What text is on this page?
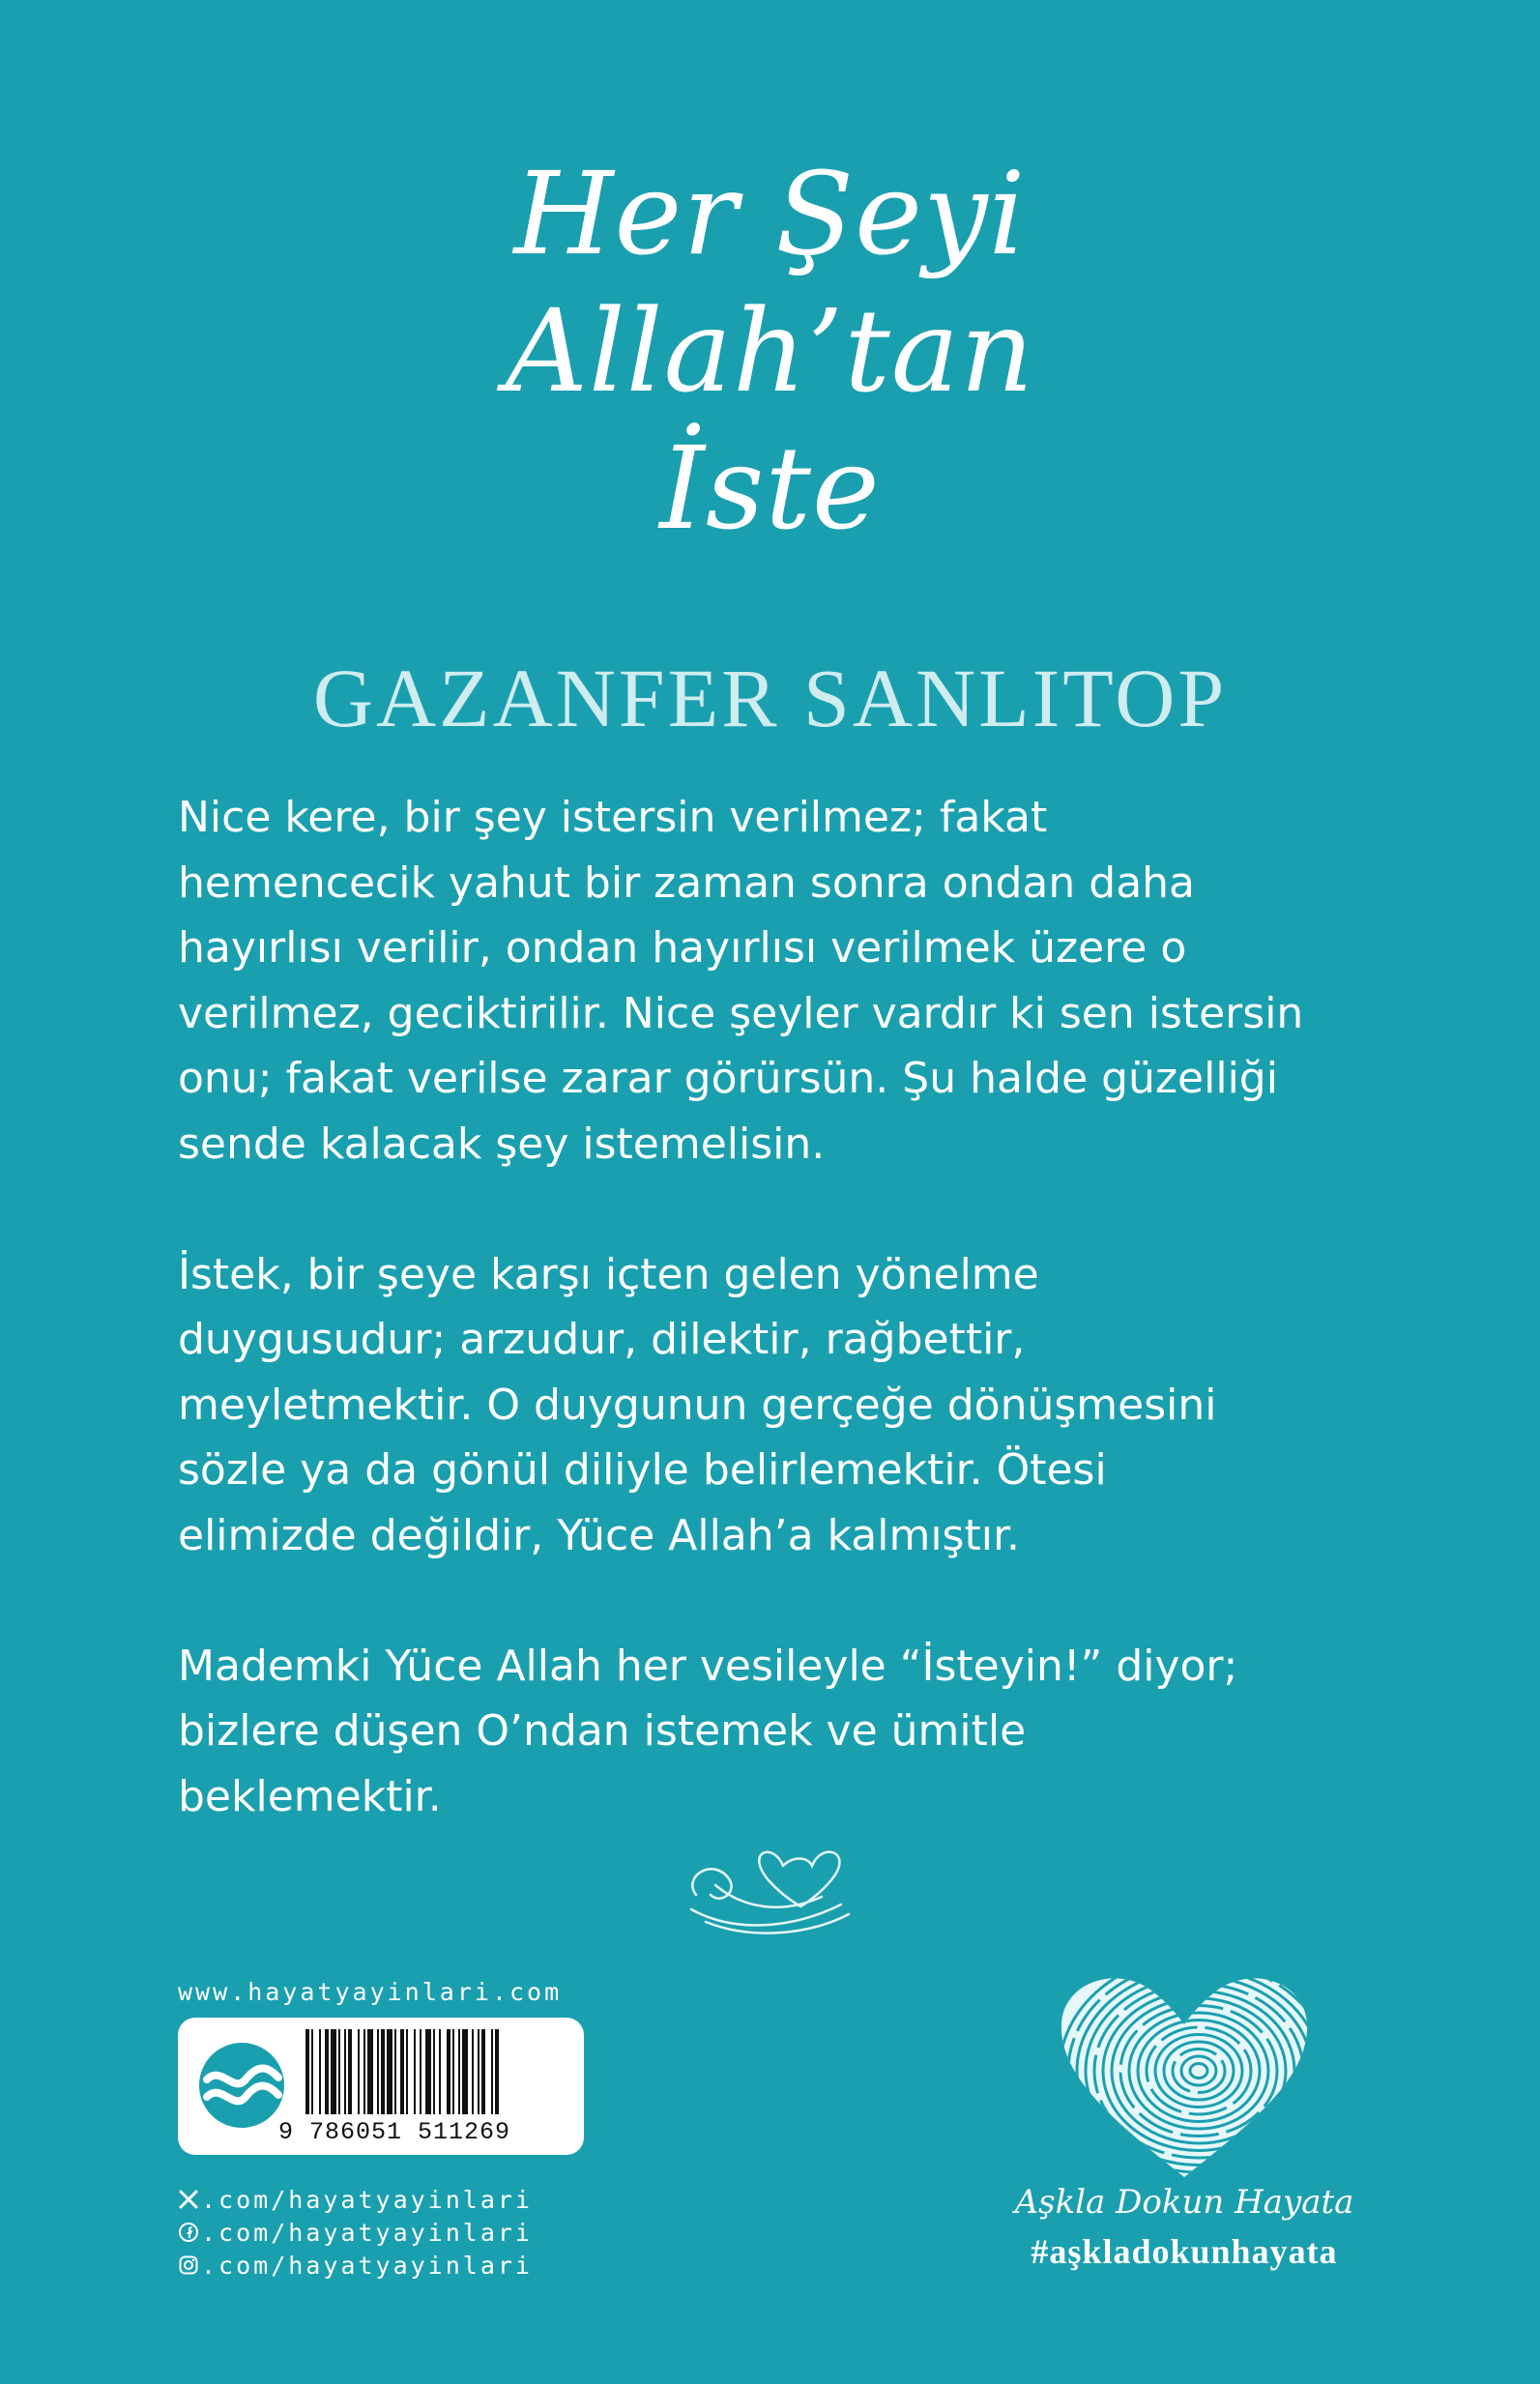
Her Şeyi
Allah’tan
İste
GAZANFER SANLITOP

Nice kere, bir şey istersin verilmez; fakat
hemencecik yahut bir zaman sonra ondan daha
hayırlısı verilir, ondan hayırlısı verilmek üzere o
verilmez, geciktirilir. Nice şeyler vardır ki sen istersin
onu; fakat verilse zarar görürsün. Şu halde güzelliği
sende kalacak şey istemelisin.

İstek, bir şeye karşı içten gelen yönelme
duygusudur; arzudur, dilektir, rağbettir,
meyletmektir. O duygunun gerçeğe dönüşmesini
sözle ya da gönül diliyle belirlemektir. Ötesi
elimizde değildir, Yüce Allah’a kalmıştır.

Mademki Yüce Allah her vesileyle “İsteyin!” diyor;
bizlere düşen O’ndan istemek ve ümitle
beklemektir.

www.hayatyayinlari.com
9 786051 511269
.com/hayatyayinlari
.com/hayatyayinlari
.com/hayatyayinlari
Aşkla Dokun Hayata
#aşkladokunhayata
